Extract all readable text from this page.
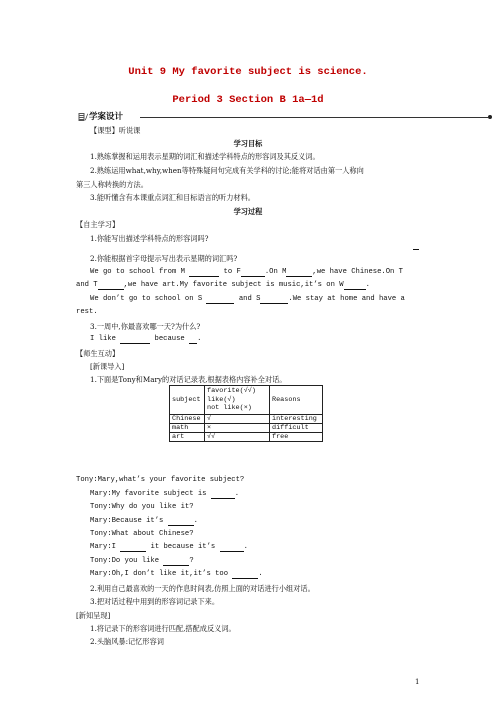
Unit 9 My favorite subject is science.
Period 3 Section B 1a—1d
学案设计
【课型】听说课
学习目标
1.熟练掌握和运用表示星期的词汇和描述学科特点的形容词及其反义词。
2.熟练运用what,why,when等特殊疑问句完成有关学科的讨论;能将对话由第一人称向
第三人称转换的方法。
3.能听懂含有本课重点词汇和目标语言的听力材料。
学习过程
【自主学习】
1.你能写出描述学科特点的形容词吗?
2.你能根据首字母提示写出表示星期的词汇吗?
We go to school from M	to F	.On M	,we have Chinese.On T
and T	,we have art.My favorite subject is music,it’s on W	.
We don’t go to school on S	and S	.We stay at home and have a
rest.
3.一周中,你最喜欢哪一天?为什么?
I like	because .
【师生互动】
[新课导入]
1.下面是Tony和Mary的对话记录表,根据表格内容补全对话。
subject	favorite(√√)
like(√)
not like(×)	Reasons
Chinese	√	interesting
math	×	difficult
art	√√	free
Tony:Mary,what’s your favorite subject?
Mary:My favorite subject is	.
Tony:Why do you like it?
Mary:Because it’s	.
Tony:What about Chinese?
Mary:I	it because it’s	.
Tony:Do you like	?
Mary:Oh,I don’t like it,it’s too	.
2.利用自己最喜欢的一天的作息时间表,仿照上面的对话进行小组对话。
3.把对话过程中用到的形容词记录下来。
[新知呈现]
1.将记录下的形容词进行匹配,搭配成反义词。
2.头脑风暴:记忆形容词
1
